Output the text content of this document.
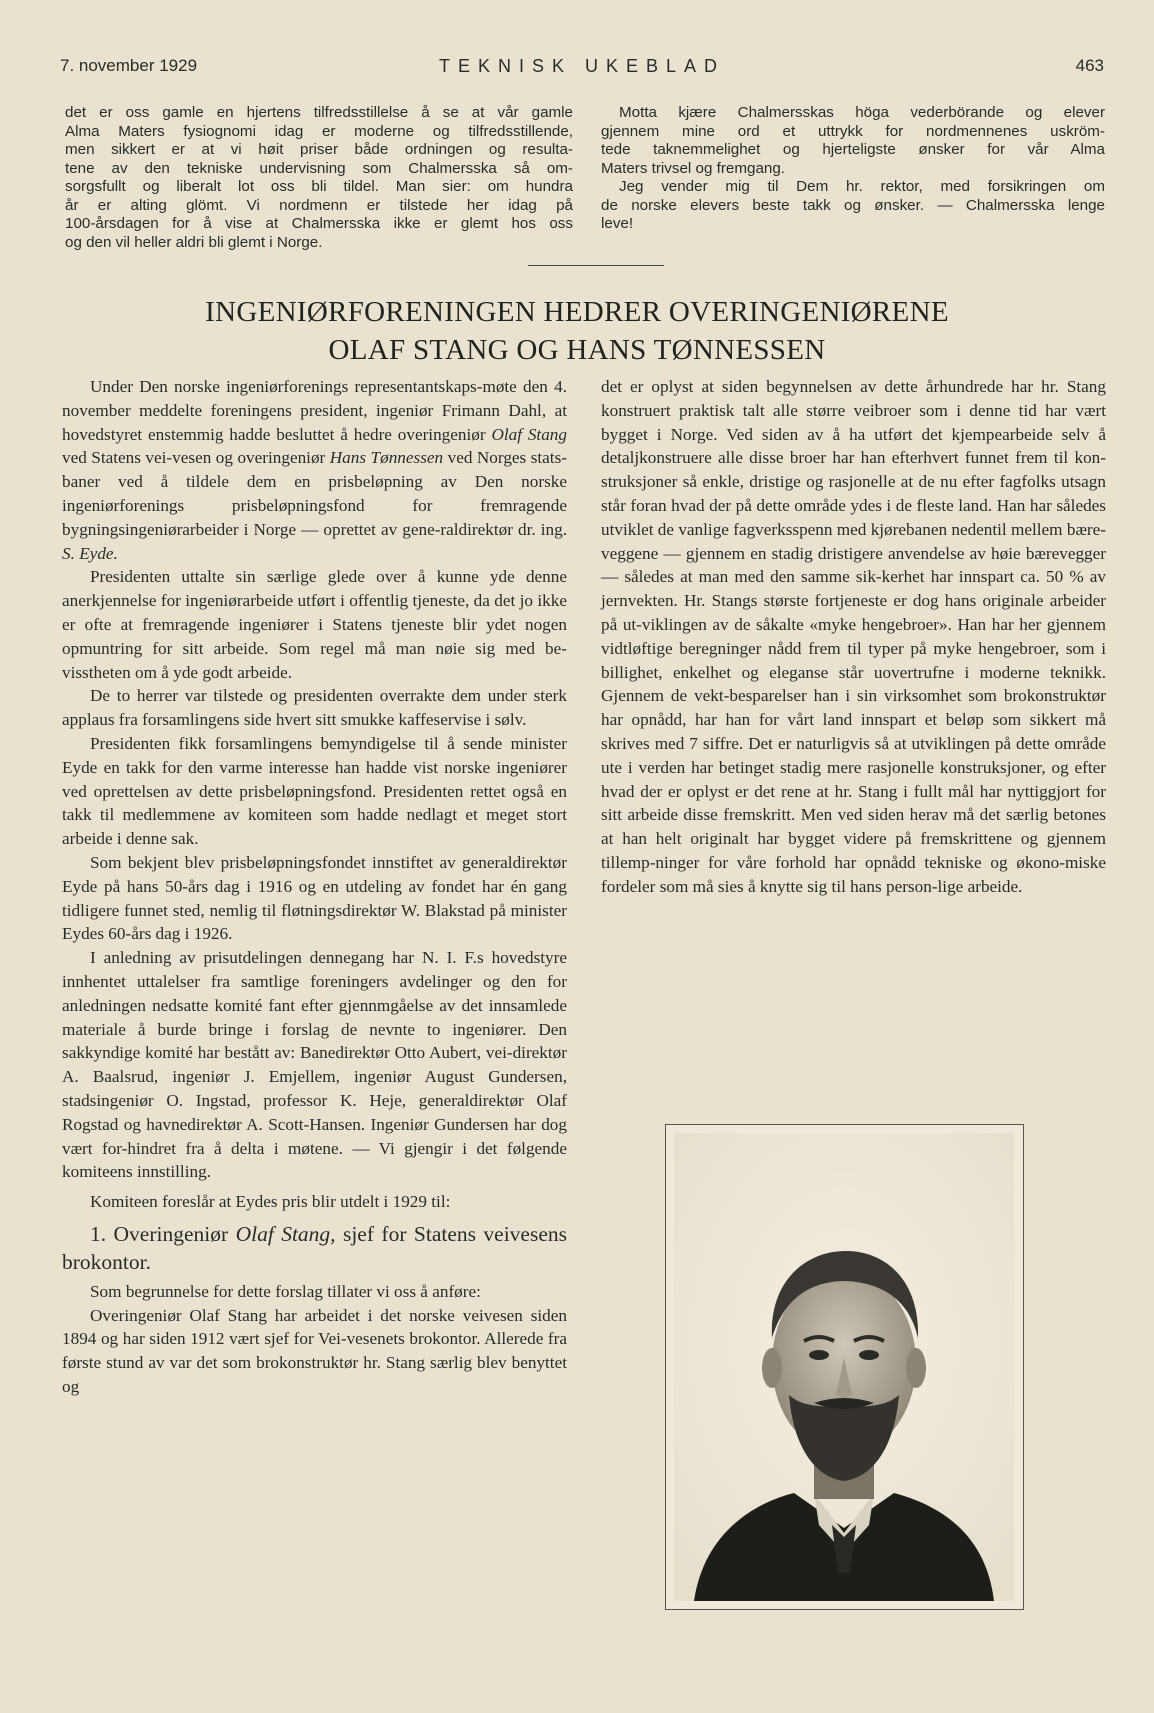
7. november 1929	TEKNISK UKEBLAD	463
det er oss gamle en hjertens tilfredsstillelse å se at vår gamle
Alma Maters fysiognomi idag er moderne og tilfredsstillende,
men sikkert er at vi høit priser både ordningen og resulta-
tene av den tekniske undervisning som Chalmersska så om-
sorgsfullt og liberalt lot oss bli tildel. Man sier: om hundra
år er alting glömt. Vi nordmenn er tilstede her idag på
100-årsdagen for å vise at Chalmersska ikke er glemt hos oss
og den vil heller aldri bli glemt i Norge.
Motta kjære Chalmersskas höga vederbörande og elever
gjennem mine ord et uttrykk for nordmennenes uskröm-
tede taknemmelighet og hjerteligste ønsker for vår Alma
Maters trivsel og fremgang.
Jeg vender mig til Dem hr. rektor, med forsikringen om
de norske elevers beste takk og ønsker. — Chalmersska lenge
leve!
INGENIØRFORENINGEN HEDRER OVERINGENIØRENE
OLAF STANG OG HANS TØNNESSEN

Under Den norske ingeniørforenings representantskaps-møte den 4. november meddelte foreningens president, ingeniør Frimann Dahl, at hovedstyret enstemmig hadde besluttet å hedre overingeniør Olaf Stang ved Statens vei-vesen og overingeniør Hans Tønnessen ved Norges stats-baner ved å tildele dem en prisbeløpning av Den norske ingeniørforenings prisbeløpningsfond for fremragende bygningsingeniørarbeider i Norge — oprettet av gene-raldirektør dr. ing. S. Eyde.

Presidenten uttalte sin særlige glede over å kunne yde denne anerkjennelse for ingeniørarbeide utført i offentlig tjeneste, da det jo ikke er ofte at fremragende ingeniører i Statens tjeneste blir ydet nogen opmuntring for sitt arbeide. Som regel må man nøie sig med be-visstheten om å yde godt arbeide.

De to herrer var tilstede og presidenten overrakte dem under sterk applaus fra forsamlingens side hvert sitt smukke kaffeservise i sølv.

Presidenten fikk forsamlingens bemyndigelse til å sende minister Eyde en takk for den varme interesse han hadde vist norske ingeniører ved oprettelsen av dette prisbeløpningsfond. Presidenten rettet også en takk til medlemmene av komiteen som hadde nedlagt et meget stort arbeide i denne sak.

Som bekjent blev prisbeløpningsfondet innstiftet av generaldirektør Eyde på hans 50-års dag i 1916 og en utdeling av fondet har én gang tidligere funnet sted, nemlig til fløtningsdirektør W. Blakstad på minister Eydes 60-års dag i 1926.

I anledning av prisutdelingen dennegang har N. I. F.s hovedstyre innhentet uttalelser fra samtlige foreningers avdelinger og den for anledningen nedsatte komité fant efter gjennmgåelse av det innsamlede materiale å burde bringe i forslag de nevnte to ingeniører. Den sakkyndige komité har bestått av: Banedirektør Otto Aubert, vei-direktør A. Baalsrud, ingeniør J. Emjellem, ingeniør August Gundersen, stadsingeniør O. Ingstad, professor K. Heje, generaldirektør Olaf Rogstad og havnedirektør A. Scott-Hansen. Ingeniør Gundersen har dog vært for-hindret fra å delta i møtene. — Vi gjengir i det følgende komiteens innstilling.

Komiteen foreslår at Eydes pris blir utdelt i 1929 til:

1. Overingeniør Olaf Stang, sjef for Statens veivesens brokontor.

Som begrunnelse for dette forslag tillater vi oss å anføre:

Overingeniør Olaf Stang har arbeidet i det norske veivesen siden 1894 og har siden 1912 vært sjef for Vei-vesenets brokontor. Allerede fra første stund av var det som brokonstruktør hr. Stang særlig blev benyttet og

det er oplyst at siden begynnelsen av dette århundrede har hr. Stang konstruert praktisk talt alle større veibroer som i denne tid har vært bygget i Norge. Ved siden av å ha utført det kjempearbeide selv å detaljkonstruere alle disse broer har han efterhvert funnet frem til kon-struksjoner så enkle, dristige og rasjonelle at de nu efter fagfolks utsagn står foran hvad der på dette område ydes i de fleste land. Han har således utviklet de vanlige fagverksspenn med kjørebanen nedentil mellem bære-veggene — gjennem en stadig dristigere anvendelse av høie bærevegger — således at man med den samme sik-kerhet har innspart ca. 50 % av jernvekten. Hr. Stangs største fortjeneste er dog hans originale arbeider på ut-viklingen av de såkalte «myke hengebroer». Han har her gjennem vidtløftige beregninger nådd frem til typer på myke hengebroer, som i billighet, enkelhet og eleganse står uovertrufne i moderne teknikk. Gjennem de vekt-besparelser han i sin virksomhet som brokonstruktør har opnådd, har han for vårt land innspart et beløp som sikkert må skrives med 7 siffre. Det er naturligvis så at utviklingen på dette område ute i verden har betinget stadig mere rasjonelle konstruksjoner, og efter hvad der er oplyst er det rene at hr. Stang i fullt mål har nyttiggjort for sitt arbeide disse fremskritt. Men ved siden herav må det særlig betones at han helt originalt har bygget videre på fremskrittene og gjennem tillemp-ninger for våre forhold har opnådd tekniske og økono-miske fordeler som må sies å knytte sig til hans person-lige arbeide.
